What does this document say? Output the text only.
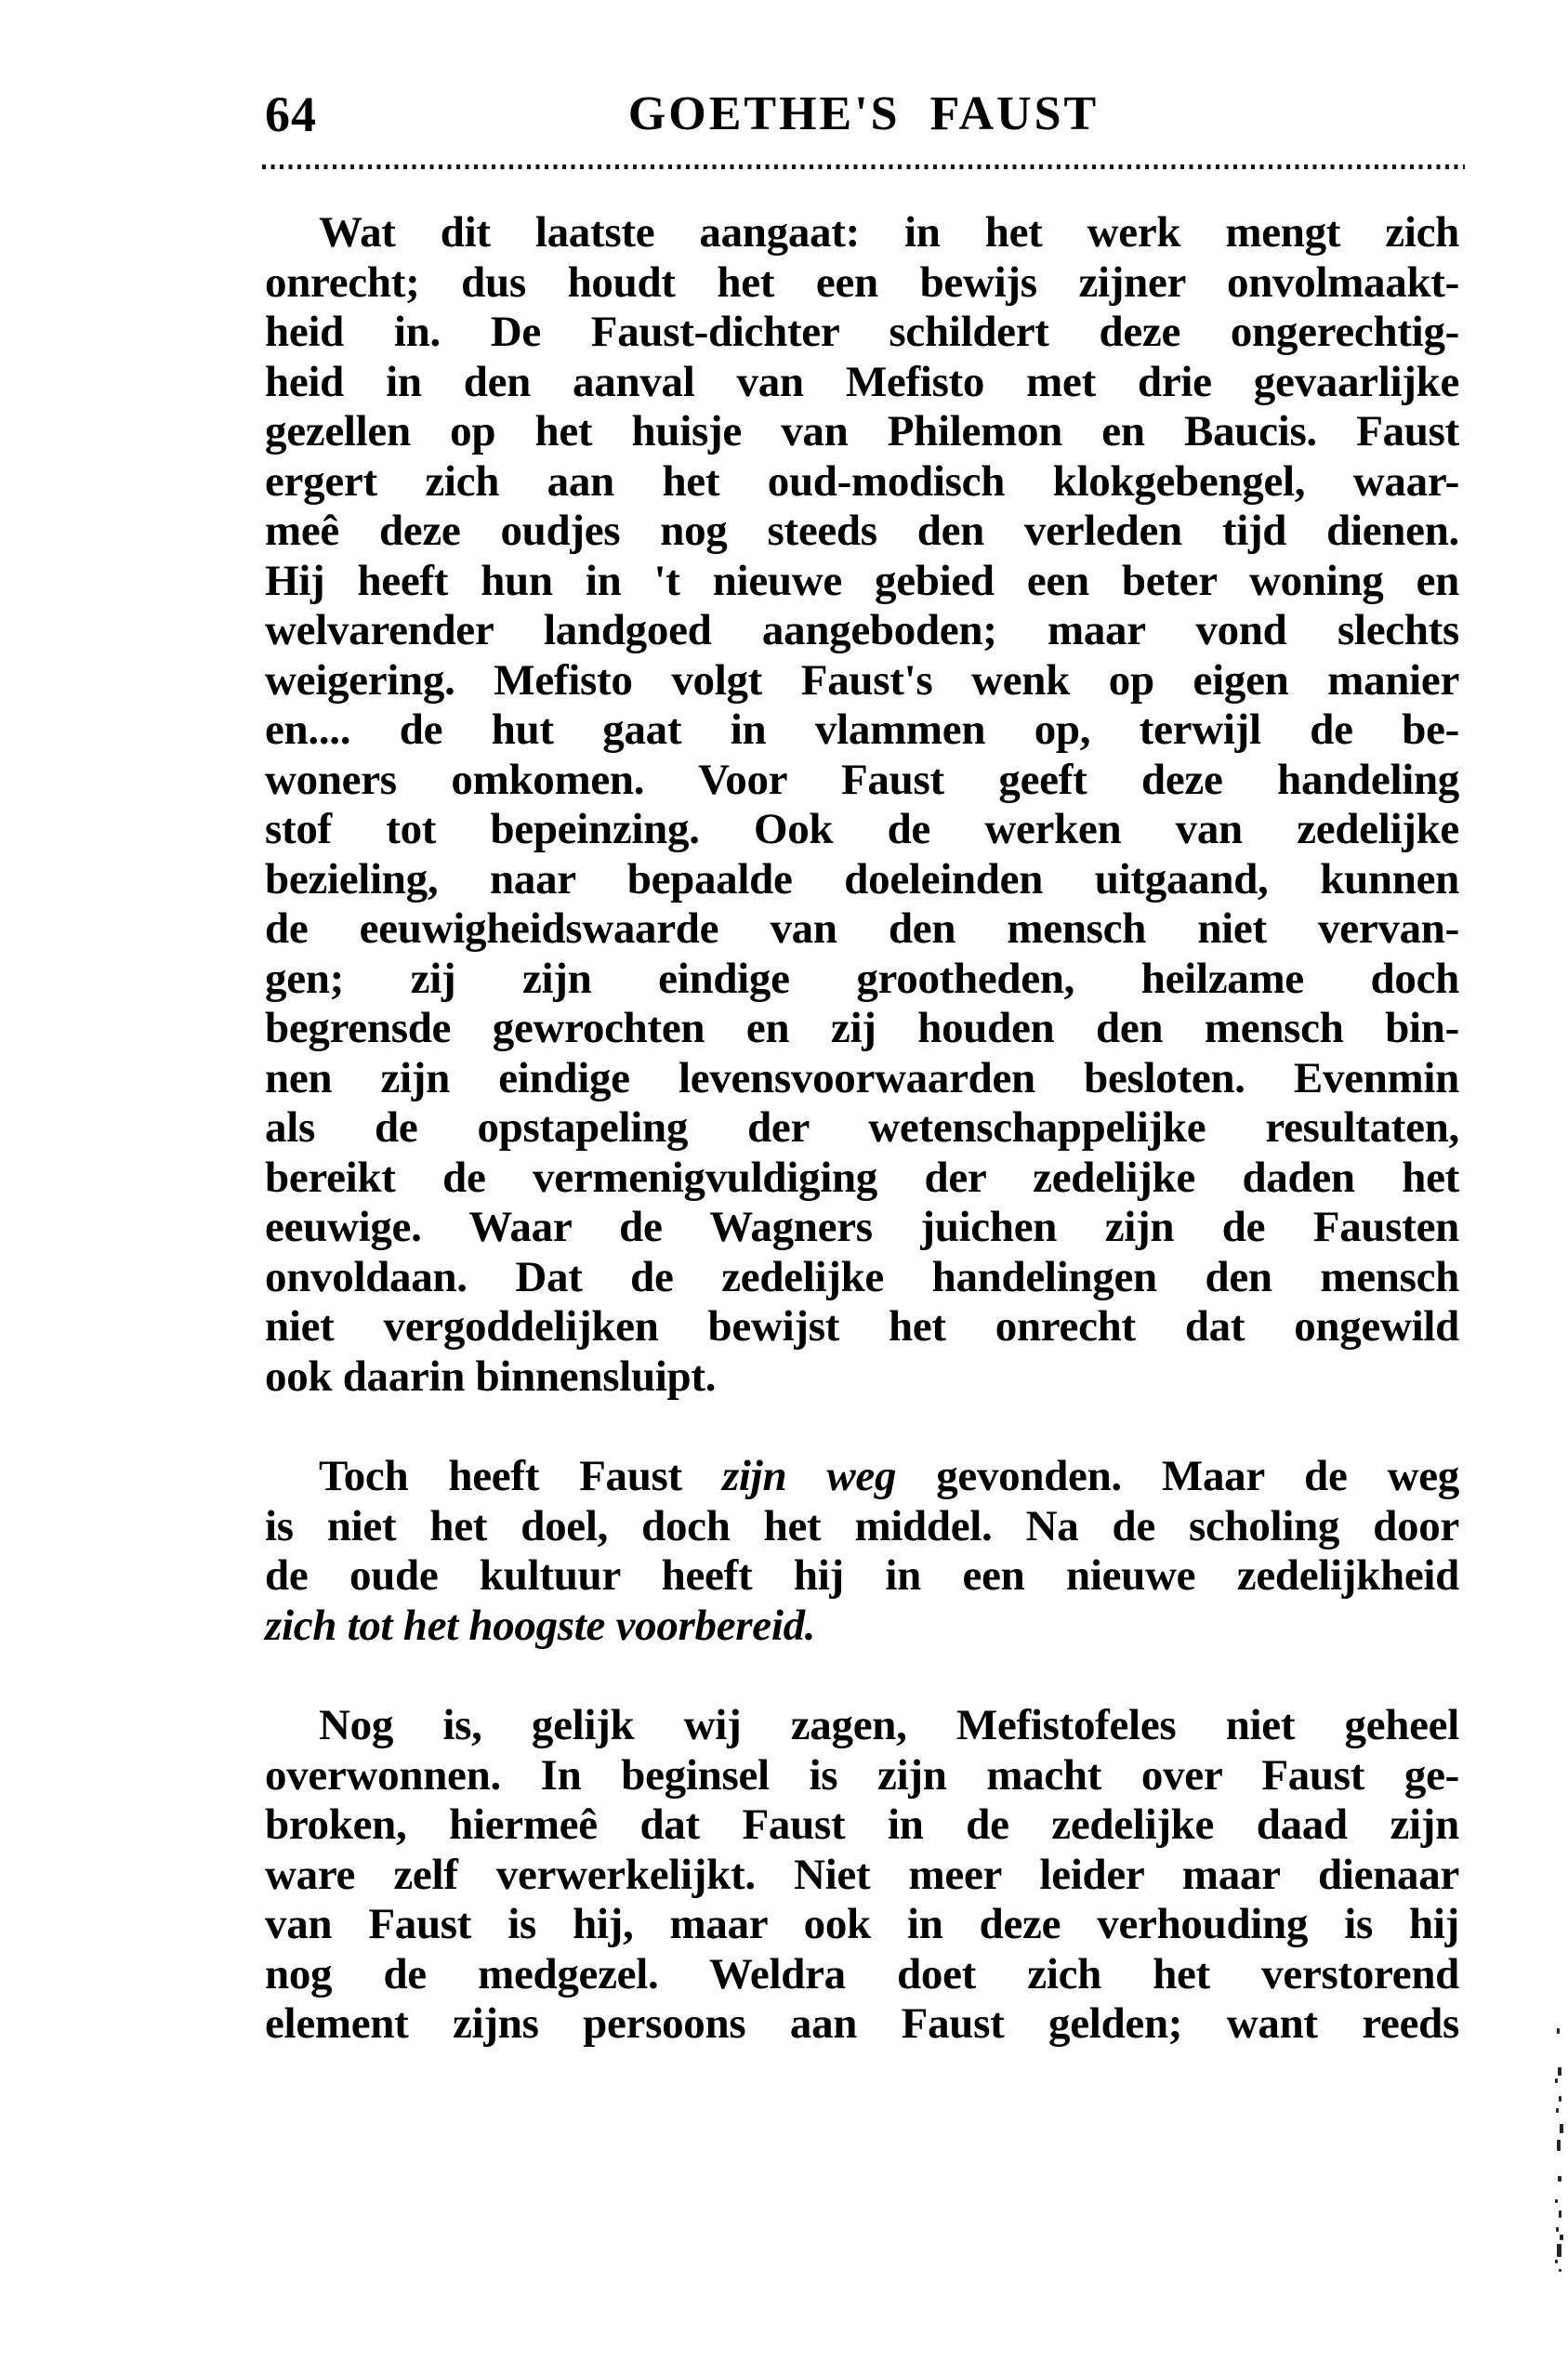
64	GOETHE'S FAUST
Wat dit laatste aangaat: in het werk mengt zich
onrecht; dus houdt het een bewijs zijner onvolmaakt-
heid in. De Faust-dichter schildert deze ongerechtig-
heid in den aanval van Mefisto met drie gevaarlijke
gezellen op het huisje van Philemon en Baucis. Faust
ergert zich aan het oud-modisch klokgebengel, waar-
meê deze oudjes nog steeds den verleden tijd dienen.
Hij heeft hun in 't nieuwe gebied een beter woning en
welvarender landgoed aangeboden; maar vond slechts
weigering. Mefisto volgt Faust's wenk op eigen manier
en.... de hut gaat in vlammen op, terwijl de be-
woners omkomen. Voor Faust geeft deze handeling
stof tot bepeinzing. Ook de werken van zedelijke
bezieling, naar bepaalde doeleinden uitgaand, kunnen
de eeuwigheidswaarde van den mensch niet vervan-
gen; zij zijn eindige grootheden, heilzame doch
begrensde gewrochten en zij houden den mensch bin-
nen zijn eindige levensvoorwaarden besloten. Evenmin
als de opstapeling der wetenschappelijke resultaten,
bereikt de vermenigvuldiging der zedelijke daden het
eeuwige. Waar de Wagners juichen zijn de Fausten
onvoldaan. Dat de zedelijke handelingen den mensch
niet vergoddelijken bewijst het onrecht dat ongewild
ook daarin binnensluipt.
Toch heeft Faust zijn weg gevonden. Maar de weg
is niet het doel, doch het middel. Na de scholing door
de oude kultuur heeft hij in een nieuwe zedelijkheid
zich tot het hoogste voorbereid.
Nog is, gelijk wij zagen, Mefistofeles niet geheel
overwonnen. In beginsel is zijn macht over Faust ge-
broken, hiermeê dat Faust in de zedelijke daad zijn
ware zelf verwerkelijkt. Niet meer leider maar dienaar
van Faust is hij, maar ook in deze verhouding is hij
nog de medgezel. Weldra doet zich het verstorend
element zijns persoons aan Faust gelden; want reeds
